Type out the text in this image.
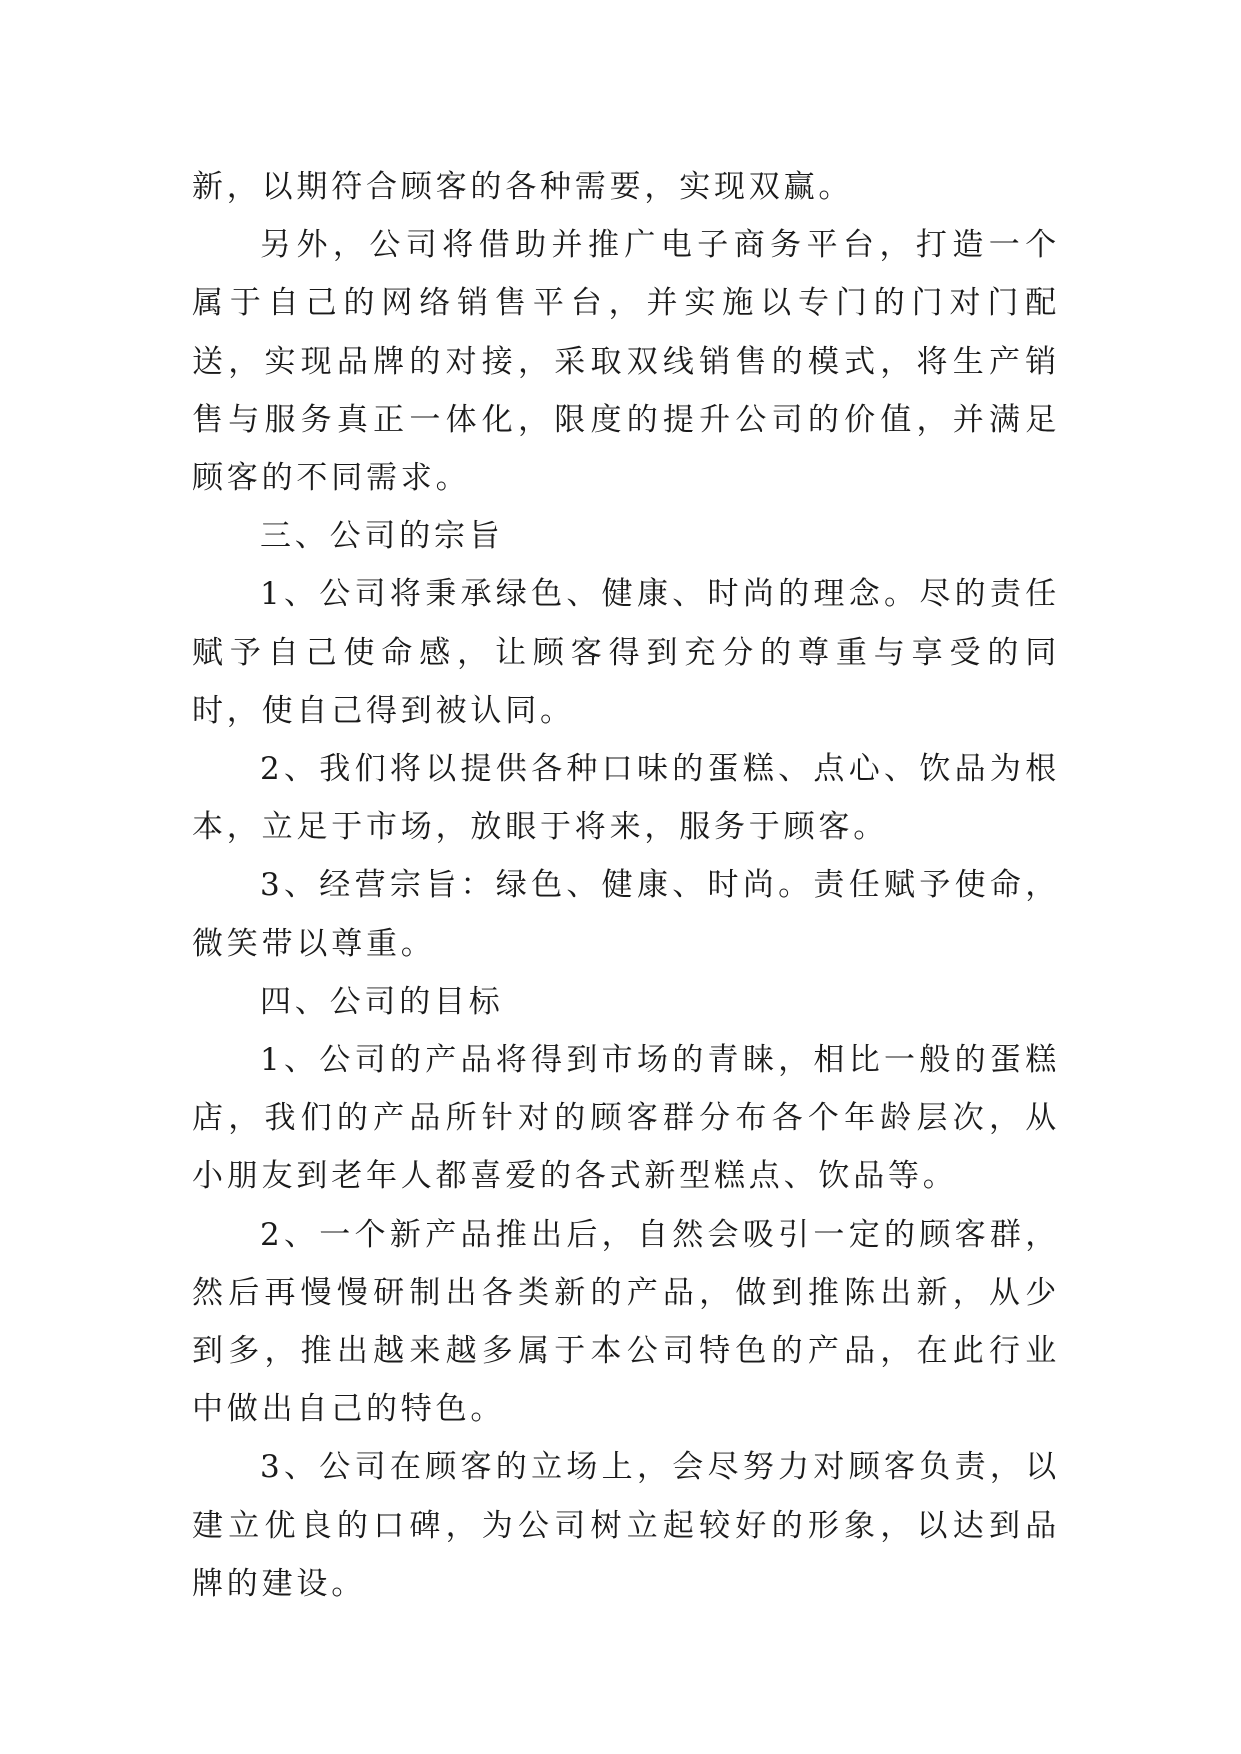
新，以期符合顾客的各种需要，实现双赢。

另外，公司将借助并推广电子商务平台，打造一个属于自己的网络销售平台，并实施以专门的门对门配送，实现品牌的对接，采取双线销售的模式，将生产销售与服务真正一体化，限度的提升公司的价值，并满足顾客的不同需求。

三、公司的宗旨

1、公司将秉承绿色、健康、时尚的理念。尽的责任赋予自己使命感，让顾客得到充分的尊重与享受的同时，使自己得到被认同。

2、我们将以提供各种口味的蛋糕、点心、饮品为根本，立足于市场，放眼于将来，服务于顾客。

3、经营宗旨：绿色、健康、时尚。责任赋予使命，微笑带以尊重。

四、公司的目标

1、公司的产品将得到市场的青睐，相比一般的蛋糕店，我们的产品所针对的顾客群分布各个年龄层次，从小朋友到老年人都喜爱的各式新型糕点、饮品等。

2、一个新产品推出后，自然会吸引一定的顾客群，然后再慢慢研制出各类新的产品，做到推陈出新，从少到多，推出越来越多属于本公司特色的产品，在此行业中做出自己的特色。

3、公司在顾客的立场上，会尽努力对顾客负责，以建立优良的口碑，为公司树立起较好的形象，以达到品牌的建设。
